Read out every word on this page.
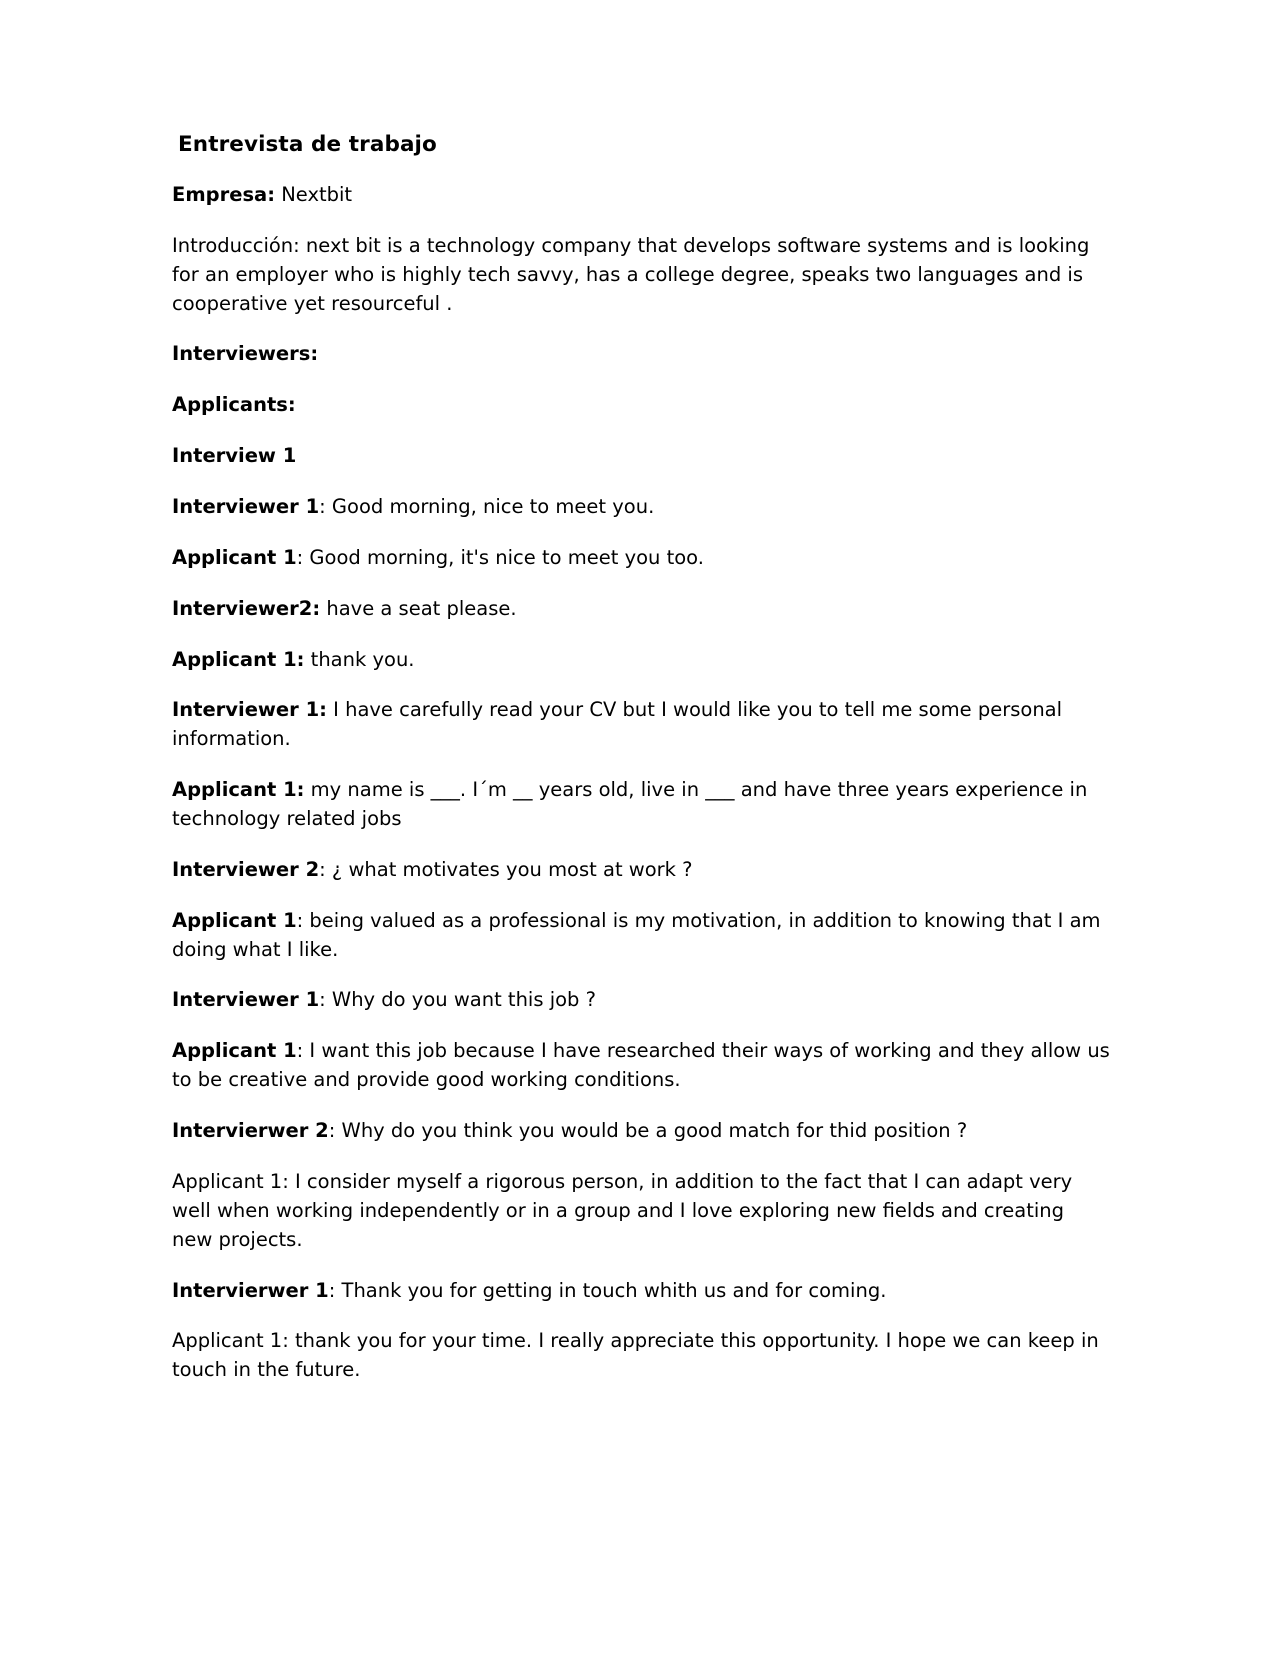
Entrevista de trabajo

Empresa: Nextbit

Introducción: next bit is a technology company that develops software systems and is looking for an employer who is highly tech savvy, has a college degree, speaks two languages and is cooperative yet resourceful .

Interviewers:

Applicants:

Interview 1

Interviewer 1: Good morning, nice to meet you.

Applicant 1: Good morning, it's nice to meet you too.

Interviewer2: have a seat please.

Applicant 1: thank you.

Interviewer 1: I have carefully read your CV but I would like you to tell me some personal information.

Applicant 1: my name is ___. I´m __ years old, live in ___ and have three years experience in technology related jobs

Interviewer 2: ¿ what motivates you most at work ?

Applicant 1: being valued as a professional is my motivation, in addition to knowing that I am doing what I like.

Interviewer 1: Why do you want this job ?

Applicant 1: I want this job because I have researched their ways of working and they allow us to be creative and provide good working conditions.

Intervierwer 2: Why do you think you would be a good match for thid position ?

Applicant 1: I consider myself a rigorous person, in addition to the fact that I can adapt very well when working independently or in a group and I love exploring new fields and creating new projects.

Intervierwer 1: Thank you for getting in touch whith us and for coming.

Applicant 1: thank you for your time. I really appreciate this opportunity. I hope we can keep in touch in the future.
